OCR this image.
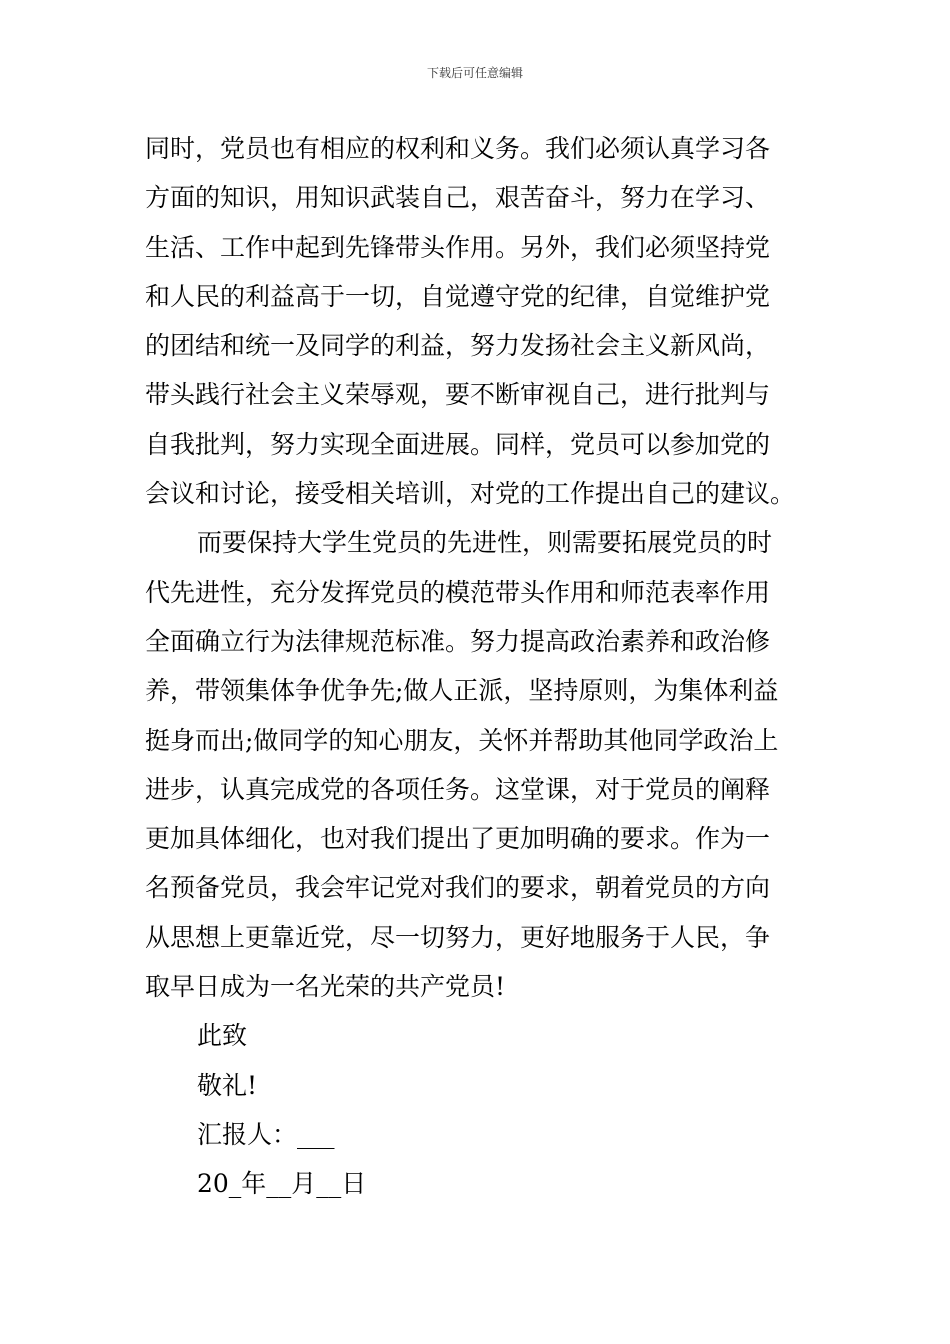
下载后可任意编辑
同时，党员也有相应的权利和义务。我们必须认真学习各
方面的知识，用知识武装自己，艰苦奋斗，努力在学习、
生活、工作中起到先锋带头作用。另外，我们必须坚持党
和人民的利益高于一切，自觉遵守党的纪律，自觉维护党
的团结和统一及同学的利益，努力发扬社会主义新风尚，
带头践行社会主义荣辱观，要不断审视自己，进行批判与
自我批判，努力实现全面进展。同样，党员可以参加党的
会议和讨论，接受相关培训，对党的工作提出自己的建议。
而要保持大学生党员的先进性，则需要拓展党员的时
代先进性，充分发挥党员的模范带头作用和师范表率作用
全面确立行为法律规范标准。努力提高政治素养和政治修
养，带领集体争优争先;做人正派，坚持原则，为集体利益
挺身而出;做同学的知心朋友，关怀并帮助其他同学政治上
进步，认真完成党的各项任务。这堂课，对于党员的阐释
更加具体细化，也对我们提出了更加明确的要求。作为一
名预备党员，我会牢记党对我们的要求，朝着党员的方向
从思想上更靠近党，尽一切努力，更好地服务于人民，争
取早日成为一名光荣的共产党员!
此致
敬礼!
汇报人：___
20_年__月__日
